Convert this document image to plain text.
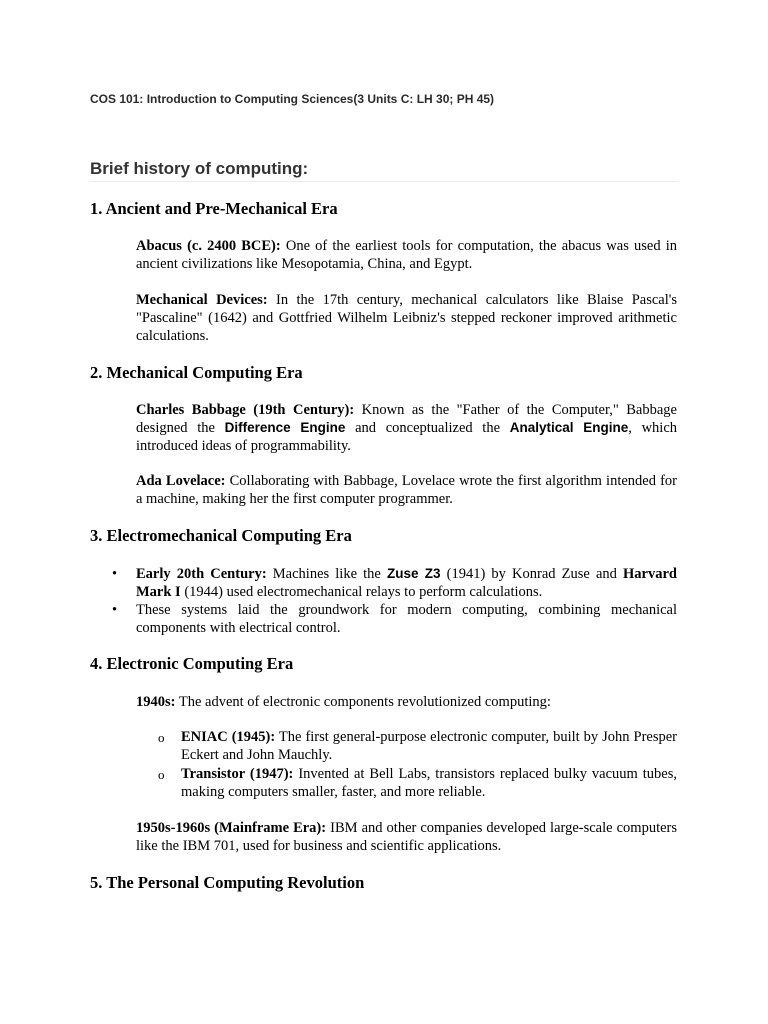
COS 101: Introduction to Computing Sciences(3 Units C: LH 30; PH 45)
Brief history of computing:
1. Ancient and Pre-Mechanical Era

Abacus (c. 2400 BCE): One of the earliest tools for computation, the abacus was used in ancient civilizations like Mesopotamia, China, and Egypt.

Mechanical Devices: In the 17th century, mechanical calculators like Blaise Pascal's "Pascaline" (1642) and Gottfried Wilhelm Leibniz's stepped reckoner improved arithmetic calculations.

2. Mechanical Computing Era

Charles Babbage (19th Century): Known as the "Father of the Computer," Babbage designed the Difference Engine and conceptualized the Analytical Engine, which introduced ideas of programmability.

Ada Lovelace: Collaborating with Babbage, Lovelace wrote the first algorithm intended for a machine, making her the first computer programmer.

3. Electromechanical Computing Era
• Early 20th Century: Machines like the Zuse Z3 (1941) by Konrad Zuse and Harvard Mark I (1944) used electromechanical relays to perform calculations.

• These systems laid the groundwork for modern computing, combining mechanical components with electrical control.

4. Electronic Computing Era

1940s: The advent of electronic components revolutionized computing:

o ENIAC (1945): The first general-purpose electronic computer, built by John Presper Eckert and John Mauchly.

o Transistor (1947): Invented at Bell Labs, transistors replaced bulky vacuum tubes, making computers smaller, faster, and more reliable.

1950s-1960s (Mainframe Era): IBM and other companies developed large-scale computers like the IBM 701, used for business and scientific applications.

5. The Personal Computing Revolution
